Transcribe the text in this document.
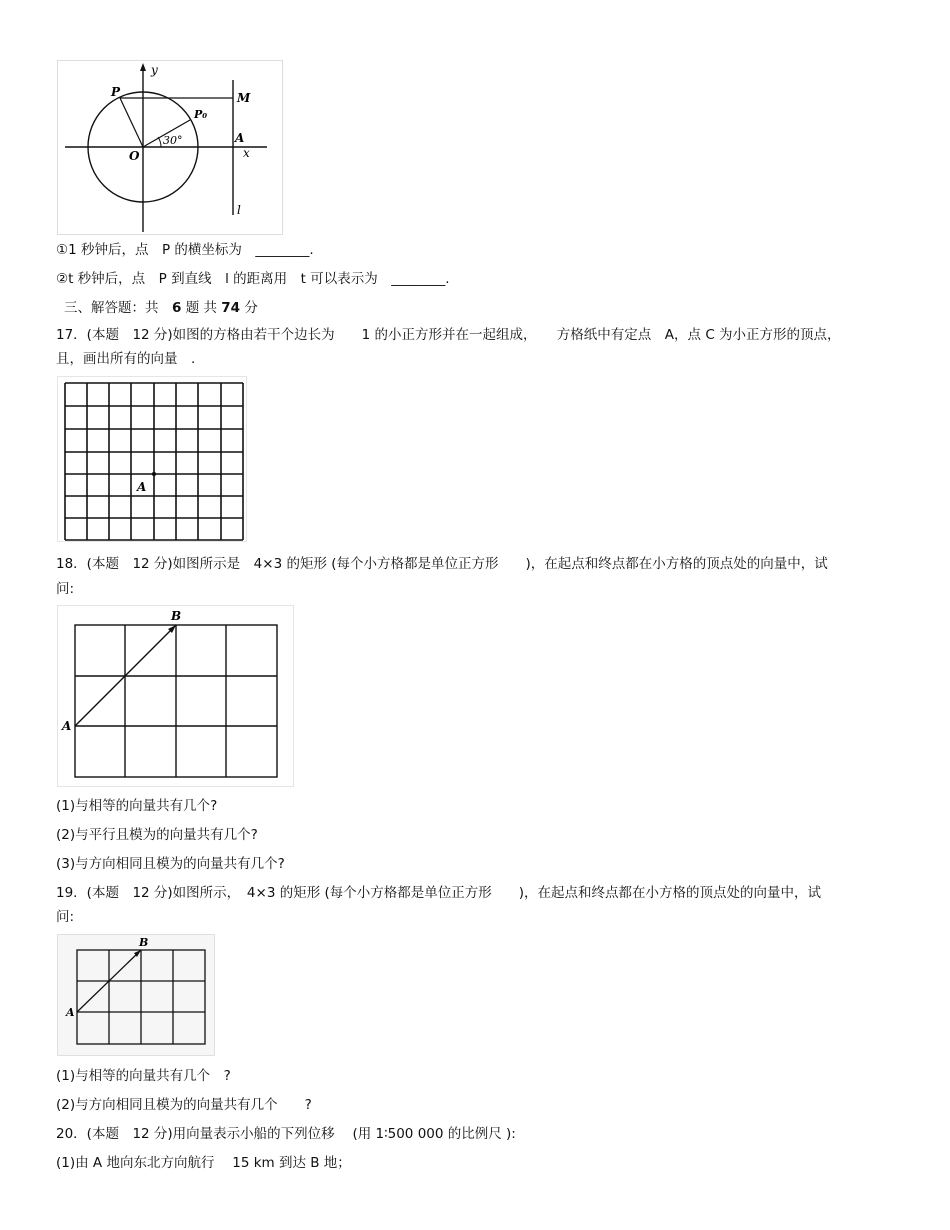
y
x
P	M
P₀
A
O
30°
l
①1 秒钟后，点　P 的横坐标为　________.
②t 秒钟后，点　P 到直线　l 的距离用　t 可以表示为　________.
三、解答题：共　6 题 共 74 分
17．(本题　12 分)如图的方格由若干个边长为　　1 的小正方形并在一起组成，　　方格纸中有定点　A，点 C 为小正方形的顶点，
且，画出所有的向量　.
A
18．(本题　12 分)如图所示是　4×3 的矩形 (每个小方格都是单位正方形　　)，在起点和终点都在小方格的顶点处的向量中，试
问:
A
B
(1)与相等的向量共有几个?
(2)与平行且模为的向量共有几个?
(3)与方向相同且模为的向量共有几个?
19．(本题　12 分)如图所示，　4×3 的矩形 (每个小方格都是单位正方形　　)，在起点和终点都在小方格的顶点处的向量中，试
问:
A
B
(1)与相等的向量共有几个　?
(2)与方向相同且模为的向量共有几个　　?
20．(本题　12 分)用向量表示小船的下列位移　 (用 1∶500 000 的比例尺 ):
(1)由 A 地向东北方向航行　 15 km 到达 B 地；
